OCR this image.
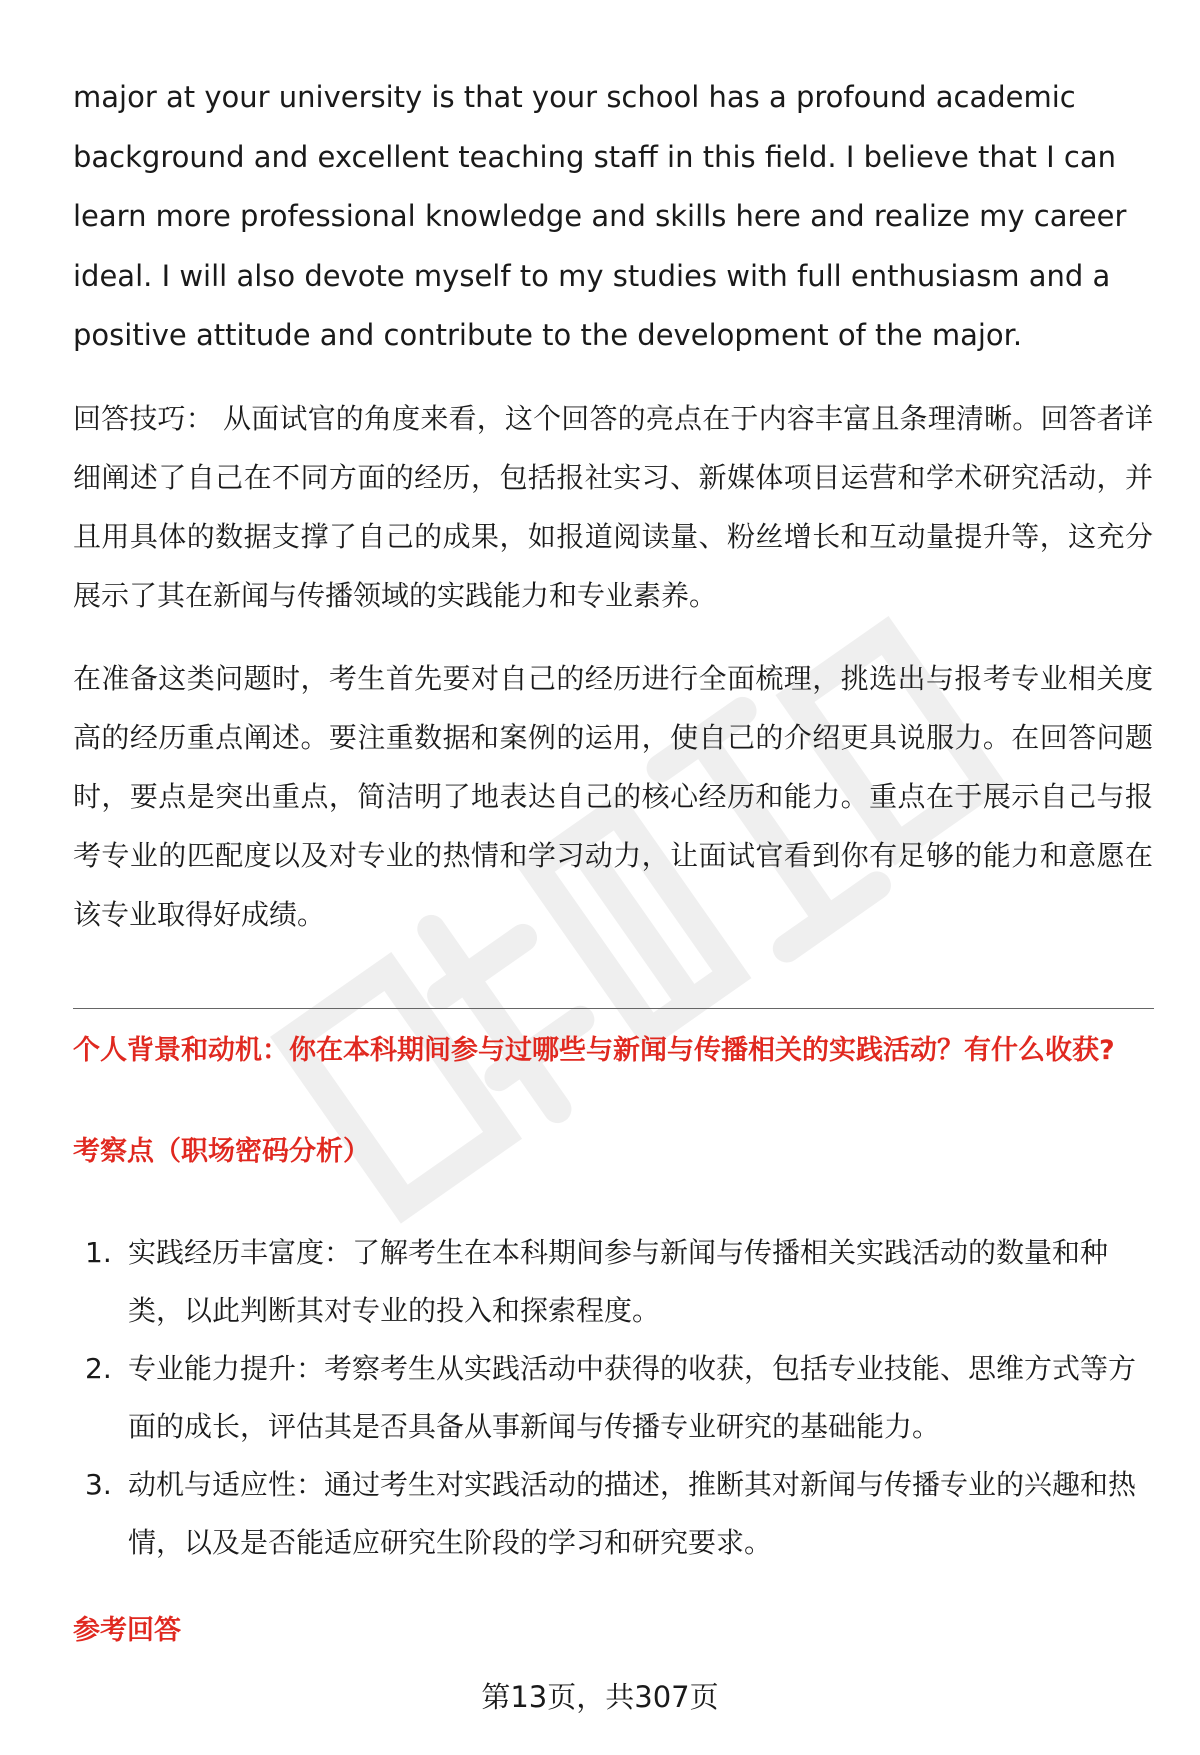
major at your university is that your school has a profound academic background and excellent teaching staff in this field. I believe that I can learn more professional knowledge and skills here and realize my career ideal. I will also devote myself to my studies with full enthusiasm and a positive attitude and contribute to the development of the major.

回答技巧： 从面试官的角度来看，这个回答的亮点在于内容丰富且条理清晰。回答者详细阐述了自己在不同方面的经历，包括报社实习、新媒体项目运营和学术研究活动，并且用具体的数据支撑了自己的成果，如报道阅读量、粉丝增长和互动量提升等，这充分展示了其在新闻与传播领域的实践能力和专业素养。

在准备这类问题时，考生首先要对自己的经历进行全面梳理，挑选出与报考专业相关度高的经历重点阐述。要注重数据和案例的运用，使自己的介绍更具说服力。在回答问题时，要点是突出重点，简洁明了地表达自己的核心经历和能力。重点在于展示自己与报考专业的匹配度以及对专业的热情和学习动力，让面试官看到你有足够的能力和意愿在该专业取得好成绩。

个人背景和动机：你在本科期间参与过哪些与新闻与传播相关的实践活动？有什么收获?

考察点（职场密码分析）

1. 实践经历丰富度：了解考生在本科期间参与新闻与传播相关实践活动的数量和种类，以此判断其对专业的投入和探索程度。
2. 专业能力提升：考察考生从实践活动中获得的收获，包括专业技能、思维方式等方面的成长，评估其是否具备从事新闻与传播专业研究的基础能力。
3. 动机与适应性：通过考生对实践活动的描述，推断其对新闻与传播专业的兴趣和热情，以及是否能适应研究生阶段的学习和研究要求。

参考回答

第13页，共307页
